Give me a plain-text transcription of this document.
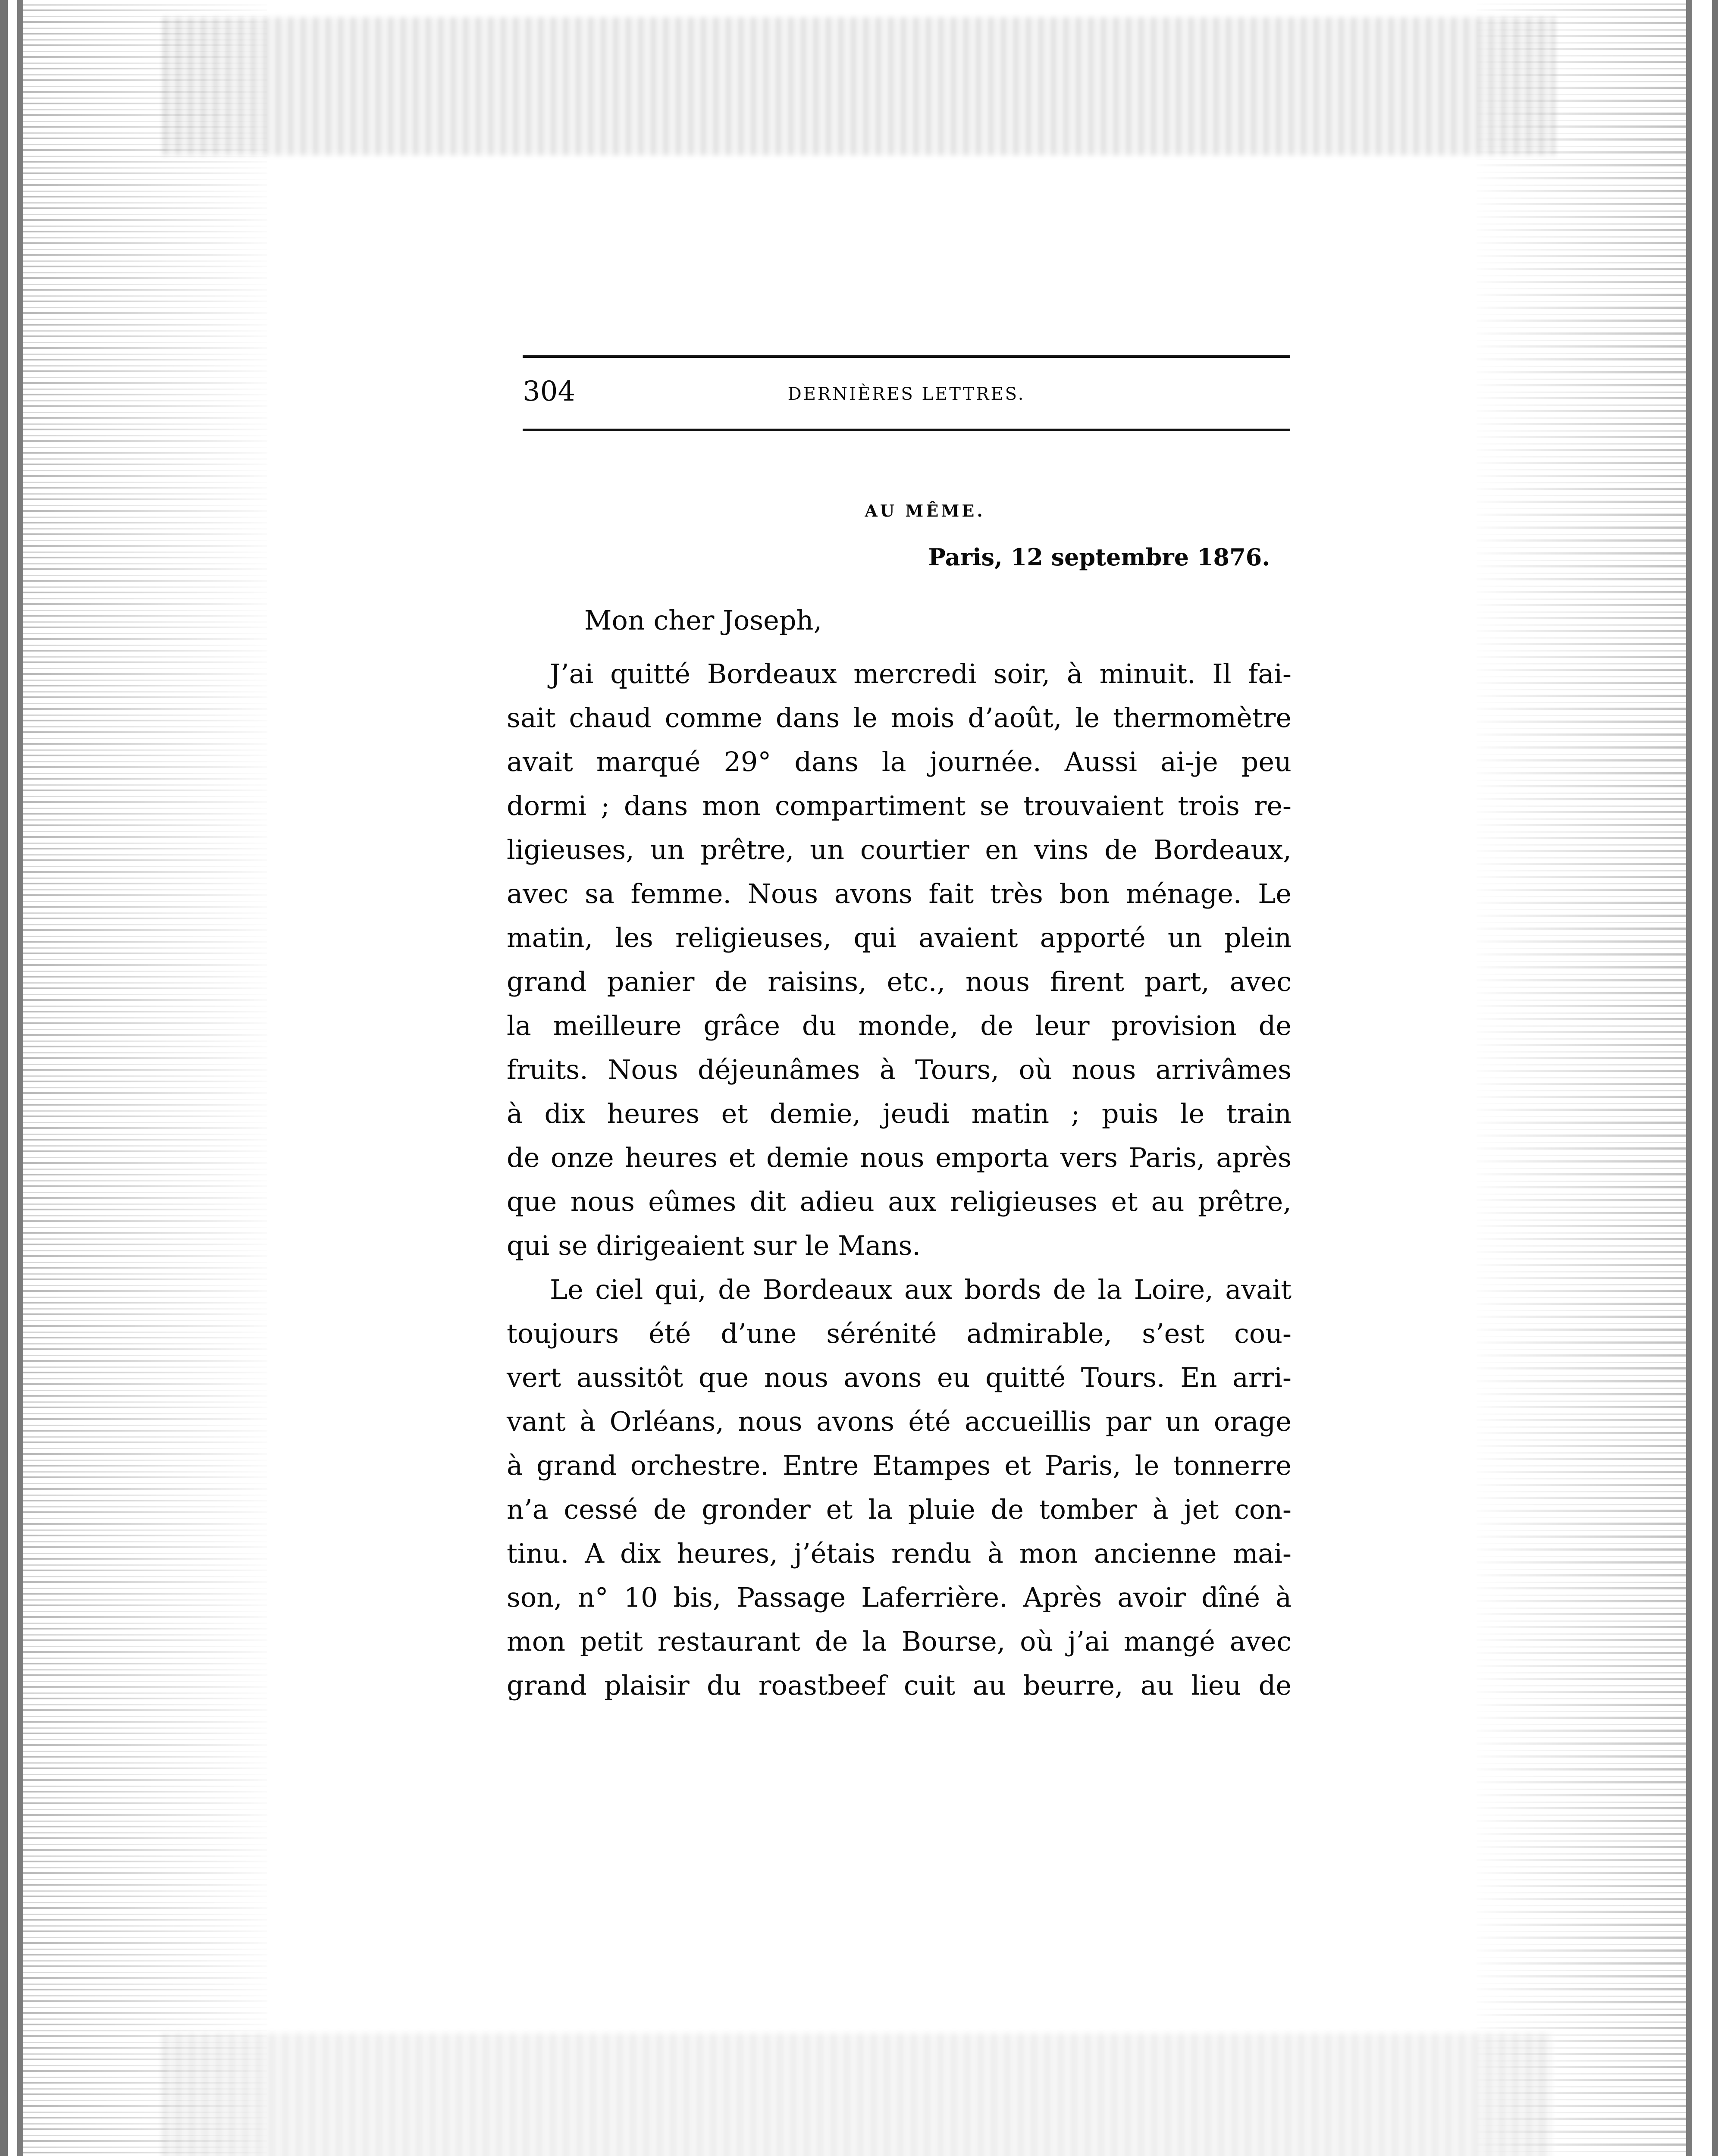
304	DERNIÈRES LETTRES.
AU MÊME.
Paris, 12 septembre 1876.
Mon cher Joseph,

J’ai quitté Bordeaux mercredi soir, à minuit. Il fai-
sait chaud comme dans le mois d’août, le thermomètre
avait marqué 29° dans la journée. Aussi ai-je peu
dormi ; dans mon compartiment se trouvaient trois re-
ligieuses, un prêtre, un courtier en vins de Bordeaux,
avec sa femme. Nous avons fait très bon ménage. Le
matin, les religieuses, qui avaient apporté un plein
grand panier de raisins, etc., nous firent part, avec
la meilleure grâce du monde, de leur provision de
fruits. Nous déjeunâmes à Tours, où nous arrivâmes
à dix heures et demie, jeudi matin ; puis le train
de onze heures et demie nous emporta vers Paris, après
que nous eûmes dit adieu aux religieuses et au prêtre,
qui se dirigeaient sur le Mans.

Le ciel qui, de Bordeaux aux bords de la Loire, avait
toujours été d’une sérénité admirable, s’est cou-
vert aussitôt que nous avons eu quitté Tours. En arri-
vant à Orléans, nous avons été accueillis par un orage
à grand orchestre. Entre Etampes et Paris, le tonnerre
n’a cessé de gronder et la pluie de tomber à jet con-
tinu. A dix heures, j’étais rendu à mon ancienne mai-
son, n° 10 bis, Passage Laferrière. Après avoir dîné à
mon petit restaurant de la Bourse, où j’ai mangé avec
grand plaisir du roastbeef cuit au beurre, au lieu de
